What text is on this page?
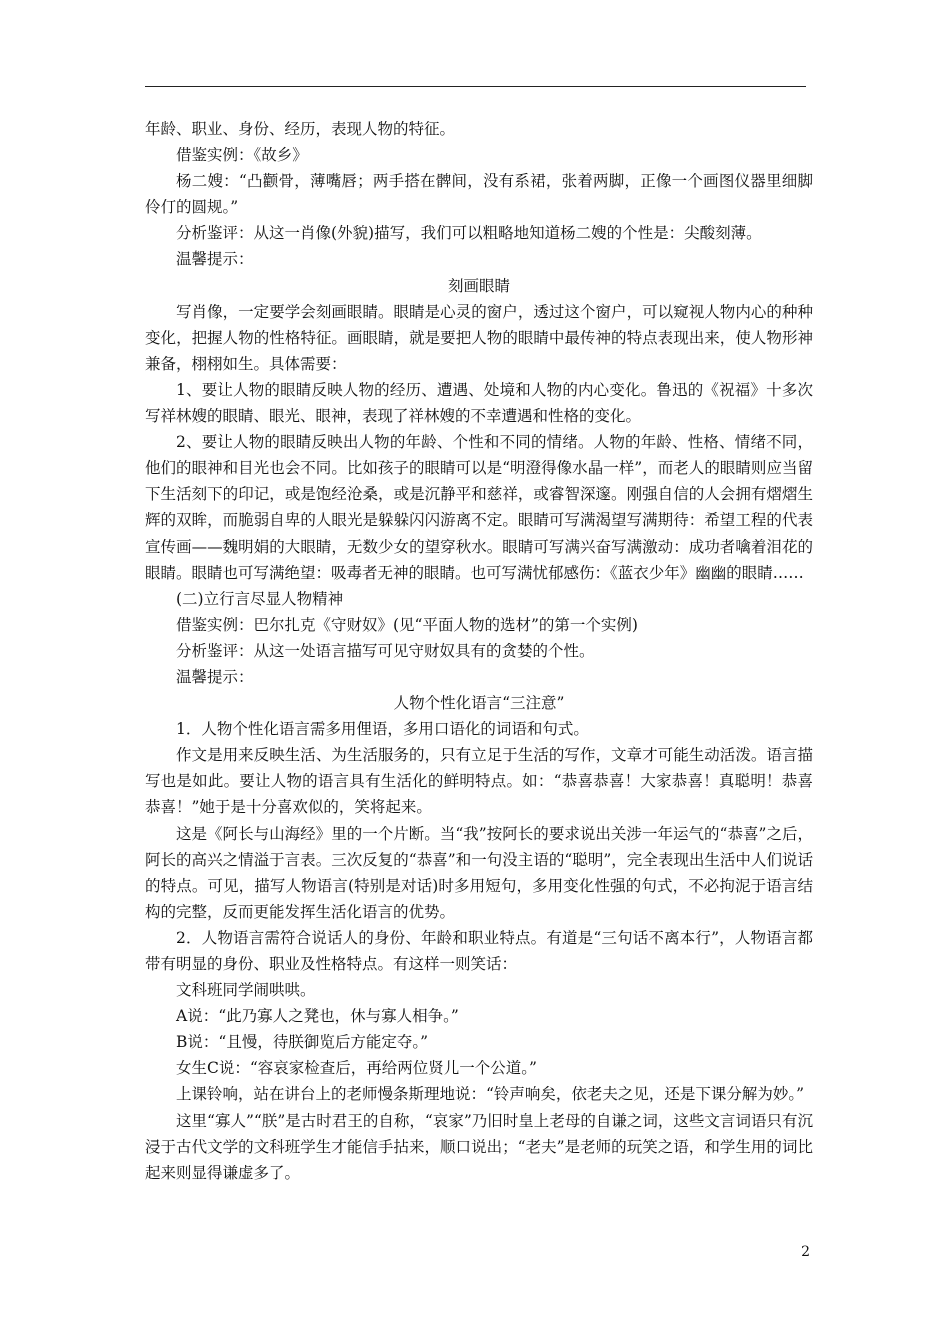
年龄、职业、身份、经历，表现人物的特征。

借鉴实例：《故乡》

杨二嫂：“凸颧骨，薄嘴唇；两手搭在髀间，没有系裙，张着两脚，正像一个画图仪器里细脚伶仃的圆规。”

分析鉴评：从这一肖像(外貌)描写，我们可以粗略地知道杨二嫂的个性是：尖酸刻薄。

温馨提示：

刻画眼睛

写肖像，一定要学会刻画眼睛。眼睛是心灵的窗户，透过这个窗户，可以窥视人物内心的种种变化，把握人物的性格特征。画眼睛，就是要把人物的眼睛中最传神的特点表现出来，使人物形神兼备，栩栩如生。具体需要：

1、要让人物的眼睛反映人物的经历、遭遇、处境和人物的内心变化。鲁迅的《祝福》十多次写祥林嫂的眼睛、眼光、眼神，表现了祥林嫂的不幸遭遇和性格的变化。

2、要让人物的眼睛反映出人物的年龄、个性和不同的情绪。人物的年龄、性格、情绪不同，他们的眼神和目光也会不同。比如孩子的眼睛可以是“明澄得像水晶一样”，而老人的眼睛则应当留下生活刻下的印记，或是饱经沧桑，或是沉静平和慈祥，或睿智深邃。刚强自信的人会拥有熠熠生辉的双眸，而脆弱自卑的人眼光是躲躲闪闪游离不定。眼睛可写满渴望写满期待：希望工程的代表宣传画——魏明娟的大眼睛，无数少女的望穿秋水。眼睛可写满兴奋写满激动：成功者噙着泪花的眼睛。眼睛也可写满绝望：吸毒者无神的眼睛。也可写满忧郁感伤：《蓝衣少年》幽幽的眼睛……

(二)立行言尽显人物精神

借鉴实例：巴尔扎克《守财奴》(见“平面人物的选材”的第一个实例)

分析鉴评：从这一处语言描写可见守财奴具有的贪婪的个性。

温馨提示：

人物个性化语言“三注意”

1．人物个性化语言需多用俚语，多用口语化的词语和句式。

作文是用来反映生活、为生活服务的，只有立足于生活的写作，文章才可能生动活泼。语言描写也是如此。要让人物的语言具有生活化的鲜明特点。如：“恭喜恭喜！大家恭喜！真聪明！恭喜恭喜！”她于是十分喜欢似的，笑将起来。

这是《阿长与山海经》里的一个片断。当“我”按阿长的要求说出关涉一年运气的“恭喜”之后，阿长的高兴之情溢于言表。三次反复的“恭喜”和一句没主语的“聪明”，完全表现出生活中人们说话的特点。可见，描写人物语言(特别是对话)时多用短句，多用变化性强的句式，不必拘泥于语言结构的完整，反而更能发挥生活化语言的优势。

2．人物语言需符合说话人的身份、年龄和职业特点。有道是“三句话不离本行”，人物语言都带有明显的身份、职业及性格特点。有这样一则笑话：

文科班同学闹哄哄。

A说：“此乃寡人之凳也，休与寡人相争。”

B说：“且慢，待朕御览后方能定夺。”

女生C说：“容哀家检查后，再给两位贤儿一个公道。”

上课铃响，站在讲台上的老师慢条斯理地说：“铃声响矣，依老夫之见，还是下课分解为妙。”

这里“寡人”“朕”是古时君王的自称，“哀家”乃旧时皇上老母的自谦之词，这些文言词语只有沉浸于古代文学的文科班学生才能信手拈来，顺口说出；“老夫”是老师的玩笑之语，和学生用的词比起来则显得谦虚多了。

2
